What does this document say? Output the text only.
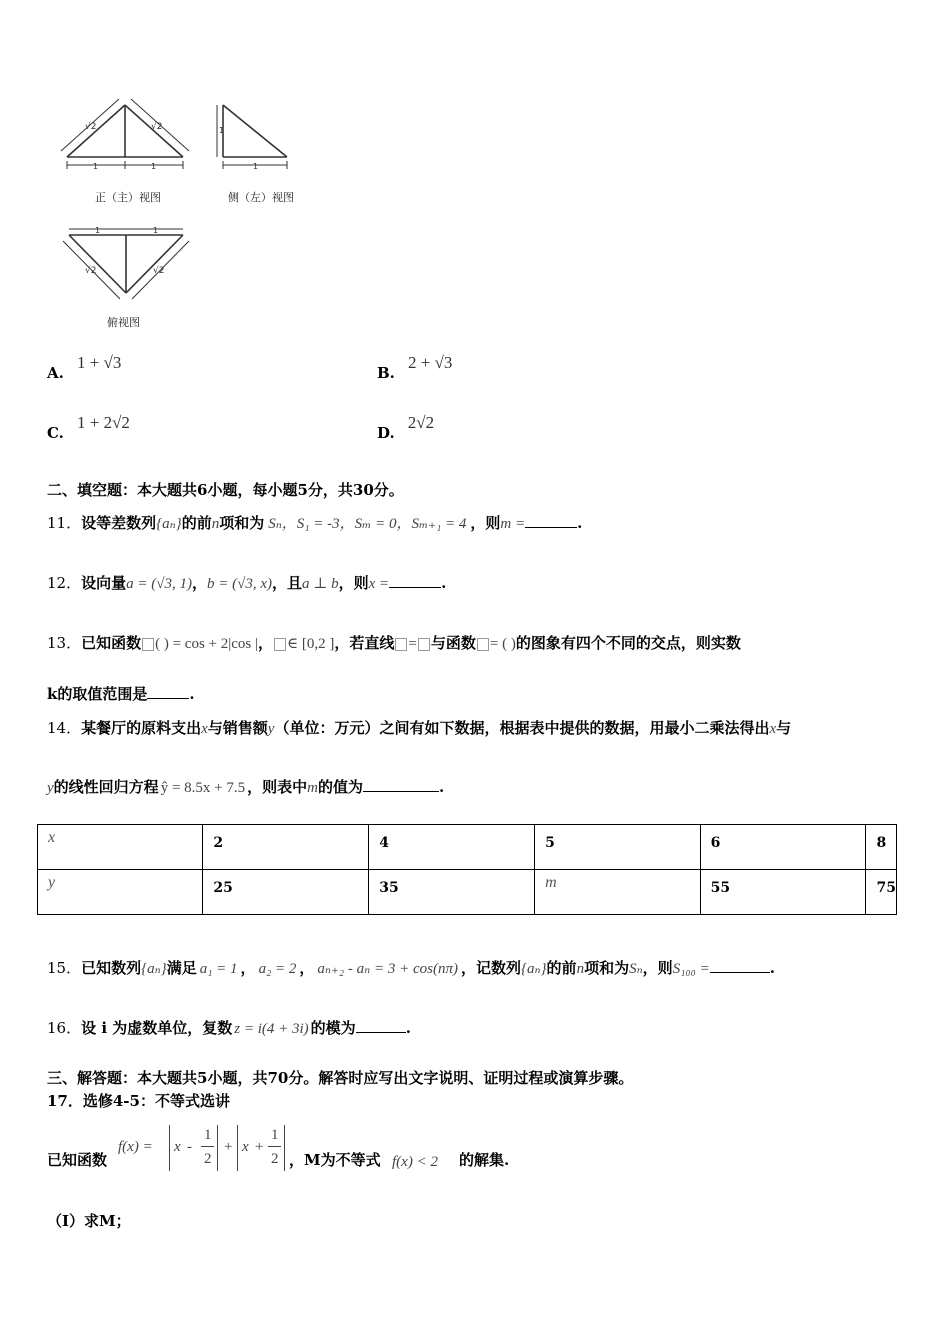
√2	√2
1	1
1
1
1	1
√2	√2
正（主）视图	侧（左）视图
俯视图
A. 1 + √3
B. 2 + √3
C. 1 + 2√2
D. 2√2
二、填空题：本大题共6小题，每小题5分，共30分。
11．设等差数列{aₙ}的前n项和为 Sₙ，S₁ = -3，Sₘ = 0，Sₘ₊₁ = 4 ，则m =	.
12．设向量a = (√3, 1)，b = (√3, x)，且a ⊥ b，则x =	.
13．已知函数 ( ) = cos + 2|cos |， ∈ [0,2 ]，若直线 = 与函数 = ( )的图象有四个不同的交点，则实数
k的取值范围是	.
14．某餐厅的原料支出x与销售额y（单位：万元）之间有如下数据，根据表中提供的数据，用最小二乘法得出x与
y的线性回归方程 ŷ = 8.5x + 7.5 ，则表中m的值为	.
x	2	4	5	6	8
y	25	35	m	55	75
15．已知数列{aₙ}满足 a₁ = 1 ， a₂ = 2 ， aₙ₊₂ - aₙ = 3 + cos(nπ) ，记数列{aₙ}的前n项和为Sₙ，则S₁₀₀ =	.
16．设 i 为虚数单位，复数 z = i(4 + 3i) 的模为	.
三、解答题：本大题共5小题，共70分。解答时应写出文字说明、证明过程或演算步骤。
17．选修4-5：不等式选讲
已知函数
f(x) = x -
1
2
+ x +
1
2 ，M为不等式 f(x) < 2 的解集.
（Ⅰ）求M；
